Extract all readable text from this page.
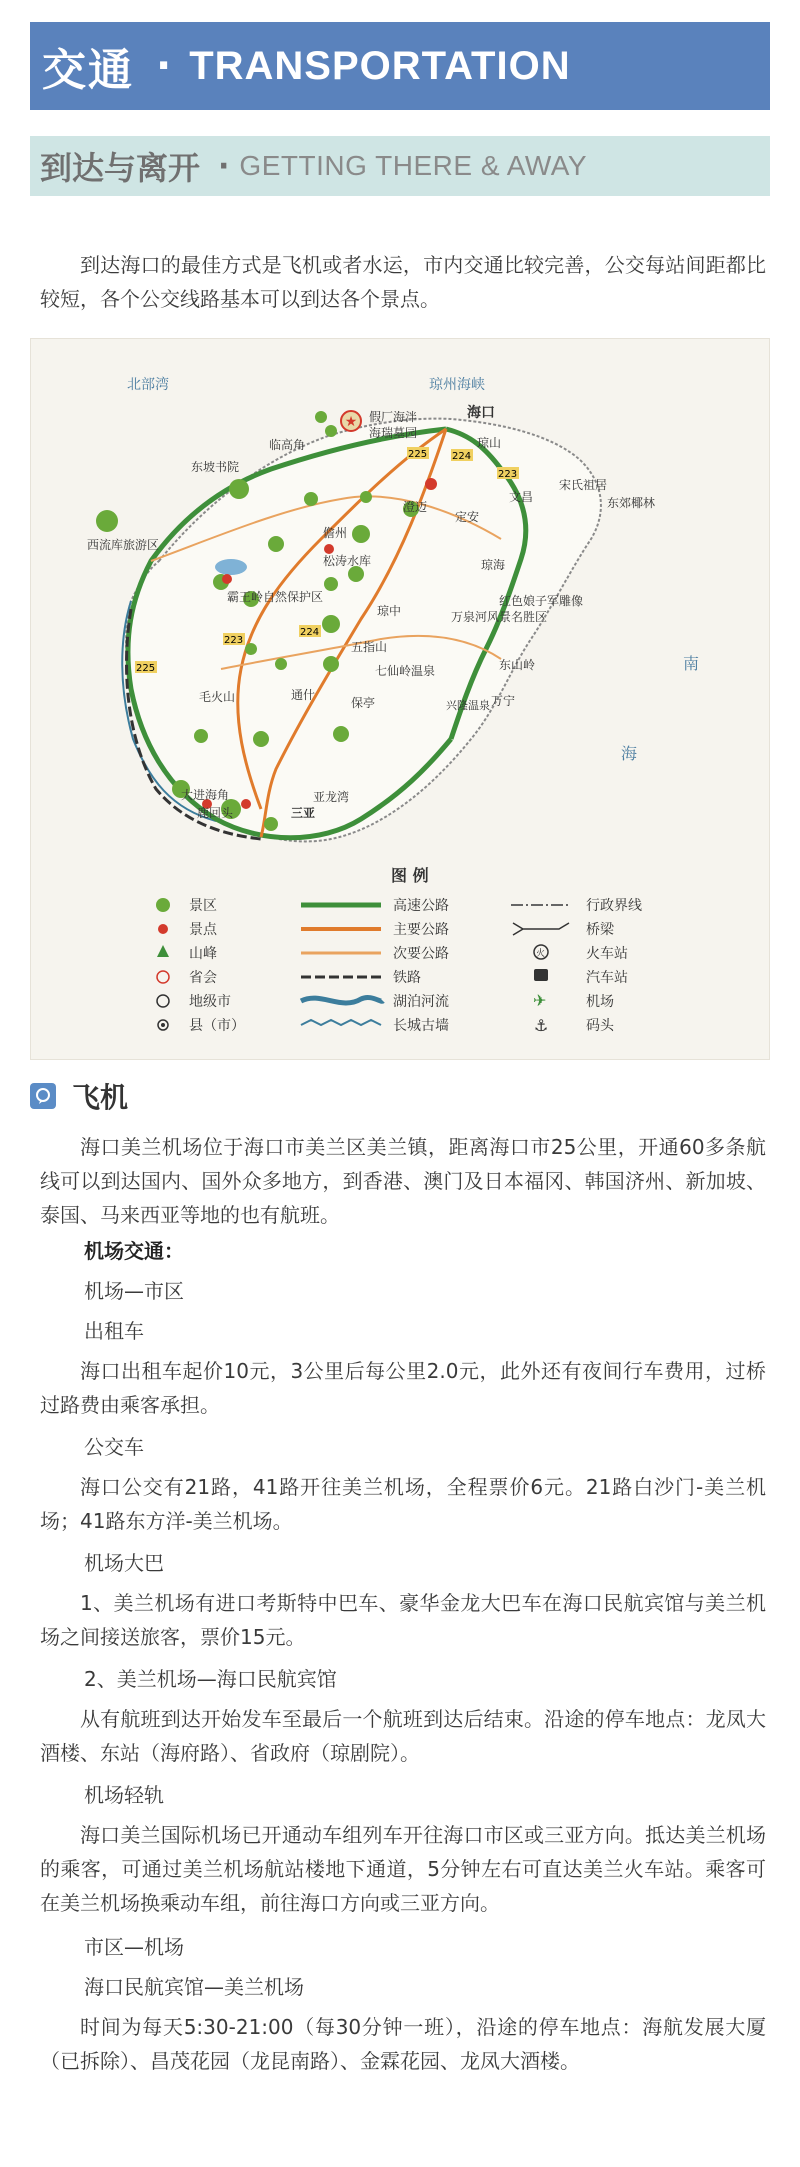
交通 · TRANSPORTATION
到达与离开 · GETTING THERE & AWAY

到达海口的最佳方式是飞机或者水运，市内交通比较完善，公交每站间距都比较短，各个公交线路基本可以到达各个景点。

★
北部湾	琼州海峡
南
海
海口
假厂海泮
海瑞墓园
琼山
临高角
东坡书院
儋州
澄迈
定安
文昌
宋氏祖居
东郊椰林
西流库旅游区
松涛水库
霸王岭自然保护区
琼中
琼海
红色娘子军雕像
万泉河风景名胜区
五指山
七仙岭温泉	东山岭
通什
保亭	万宁
兴隆温泉
毛火山
大进海角
鹿回头	三亚
亚龙湾
225 224
223
224
223
225
图 例
景区
景点
山峰
省会
地级市
县（市）
高速公路
主要公路
次要公路
铁路
湖泊河流
长城古墙
行政界线
桥梁
火	火车站
汽车站
✈	机场
⚓	码头
飞机

海口美兰机场位于海口市美兰区美兰镇，距离海口市25公里，开通60多条航线可以到达国内、国外众多地方，到香港、澳门及日本福冈、韩国济州、新加坡、泰国、马来西亚等地的也有航班。

机场交通：
机场—市区
出租车

海口出租车起价10元，3公里后每公里2.0元，此外还有夜间行车费用，过桥过路费由乘客承担。

公交车

海口公交有21路，41路开往美兰机场，全程票价6元。21路白沙门-美兰机场；41路东方洋-美兰机场。

机场大巴

1、美兰机场有进口考斯特中巴车、豪华金龙大巴车在海口民航宾馆与美兰机场之间接送旅客，票价15元。

2、美兰机场—海口民航宾馆

从有航班到达开始发车至最后一个航班到达后结束。沿途的停车地点：龙凤大酒楼、东站（海府路）、省政府（琼剧院）。

机场轻轨

海口美兰国际机场已开通动车组列车开往海口市区或三亚方向。抵达美兰机场的乘客，可通过美兰机场航站楼地下通道，5分钟左右可直达美兰火车站。乘客可在美兰机场换乘动车组，前往海口方向或三亚方向。

市区—机场
海口民航宾馆—美兰机场

时间为每天5:30-21:00（每30分钟一班），沿途的停车地点：海航发展大厦（已拆除）、昌茂花园（龙昆南路）、金霖花园、龙凤大酒楼。
